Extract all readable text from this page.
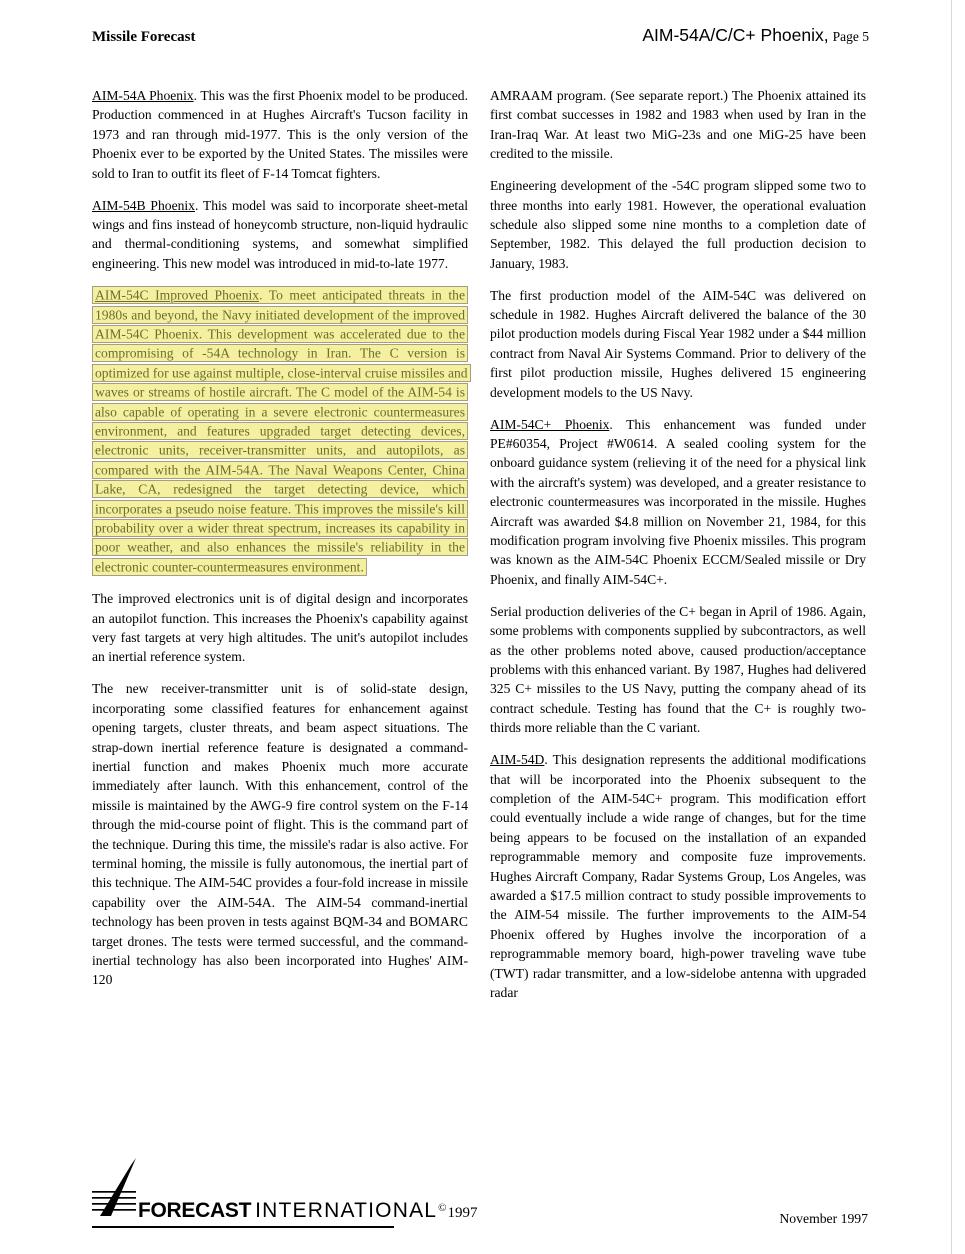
Missile Forecast	AIM-54A/C/C+ Phoenix, Page 5

AIM-54A Phoenix. This was the first Phoenix model to be produced. Production commenced in at Hughes Aircraft's Tucson facility in 1973 and ran through mid-1977. This is the only version of the Phoenix ever to be exported by the United States. The missiles were sold to Iran to outfit its fleet of F-14 Tomcat fighters.

AIM-54B Phoenix. This model was said to incorporate sheet-metal wings and fins instead of honeycomb structure, non-liquid hydraulic and thermal-conditioning systems, and somewhat simplified engineering. This new model was introduced in mid-to-late 1977.

AIM-54C Improved Phoenix. To meet anticipated threats in the 1980s and beyond, the Navy initiated development of the improved AIM-54C Phoenix. This development was accelerated due to the compromising of -54A technology in Iran. The C version is optimized for use against multiple, close-interval cruise missiles and waves or streams of hostile aircraft. The C model of the AIM-54 is also capable of operating in a severe electronic countermeasures environment, and features upgraded target detecting devices, electronic units, receiver-transmitter units, and autopilots, as compared with the AIM-54A. The Naval Weapons Center, China Lake, CA, redesigned the target detecting device, which incorporates a pseudo noise feature. This improves the missile's kill probability over a wider threat spectrum, increases its capability in poor weather, and also enhances the missile's reliability in the electronic counter-countermeasures environment.

The improved electronics unit is of digital design and incorporates an autopilot function. This increases the Phoenix's capability against very fast targets at very high altitudes. The unit's autopilot includes an inertial reference system.

The new receiver-transmitter unit is of solid-state design, incorporating some classified features for enhancement against opening targets, cluster threats, and beam aspect situations. The strap-down inertial reference feature is designated a command-inertial function and makes Phoenix much more accurate immediately after launch. With this enhancement, control of the missile is maintained by the AWG-9 fire control system on the F-14 through the mid-course point of flight. This is the command part of the technique. During this time, the missile's radar is also active. For terminal homing, the missile is fully autonomous, the inertial part of this technique. The AIM-54C provides a four-fold increase in missile capability over the AIM-54A. The AIM-54 command-inertial technology has been proven in tests against BQM-34 and BOMARC target drones. The tests were termed successful, and the command-inertial technology has also been incorporated into Hughes' AIM-120

AMRAAM program. (See separate report.) The Phoenix attained its first combat successes in 1982 and 1983 when used by Iran in the Iran-Iraq War. At least two MiG-23s and one MiG-25 have been credited to the missile.

Engineering development of the -54C program slipped some two to three months into early 1981. However, the operational evaluation schedule also slipped some nine months to a completion date of September, 1982. This delayed the full production decision to January, 1983.

The first production model of the AIM-54C was delivered on schedule in 1982. Hughes Aircraft delivered the balance of the 30 pilot production models during Fiscal Year 1982 under a $44 million contract from Naval Air Systems Command. Prior to delivery of the first pilot production missile, Hughes delivered 15 engineering development models to the US Navy.

AIM-54C+ Phoenix. This enhancement was funded under PE#60354, Project #W0614. A sealed cooling system for the onboard guidance system (relieving it of the need for a physical link with the aircraft's system) was developed, and a greater resistance to electronic countermeasures was incorporated in the missile. Hughes Aircraft was awarded $4.8 million on November 21, 1984, for this modification program involving five Phoenix missiles. This program was known as the AIM-54C Phoenix ECCM/Sealed missile or Dry Phoenix, and finally AIM-54C+.

Serial production deliveries of the C+ began in April of 1986. Again, some problems with components supplied by subcontractors, as well as the other problems noted above, caused production/acceptance problems with this enhanced variant. By 1987, Hughes had delivered 325 C+ missiles to the US Navy, putting the company ahead of its contract schedule. Testing has found that the C+ is roughly two-thirds more reliable than the C variant.

AIM-54D. This designation represents the additional modifications that will be incorporated into the Phoenix subsequent to the completion of the AIM-54C+ program. This modification effort could eventually include a wide range of changes, but for the time being appears to be focused on the installation of an expanded reprogrammable memory and composite fuze improvements. Hughes Aircraft Company, Radar Systems Group, Los Angeles, was awarded a $17.5 million contract to study possible improvements to the AIM-54 missile. The further improvements to the AIM-54 Phoenix offered by Hughes involve the incorporation of a reprogrammable memory board, high-power traveling wave tube (TWT) radar transmitter, and a low-sidelobe antenna with upgraded radar

FORECAST INTERNATIONAL©1997	November 1997
